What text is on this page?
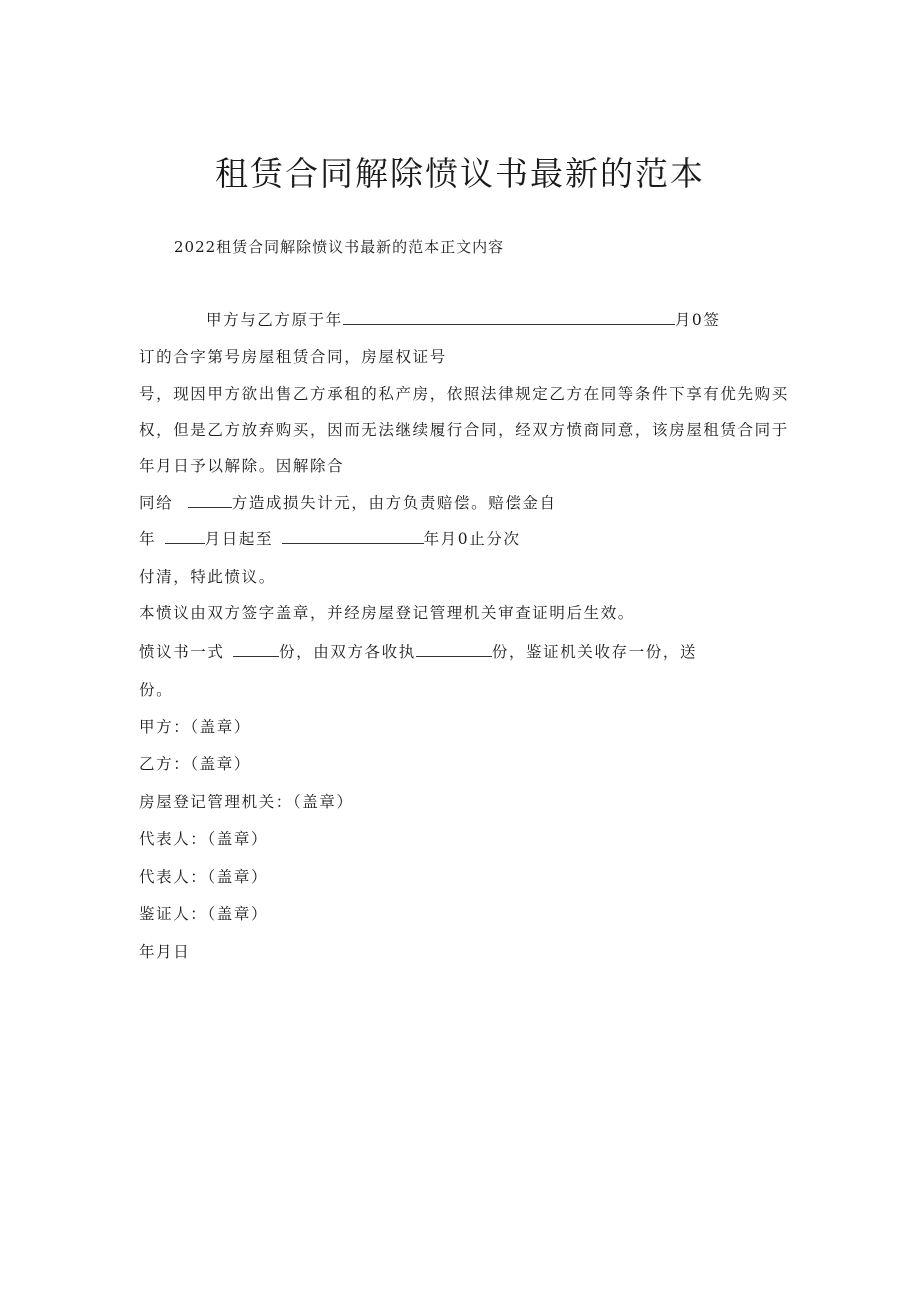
租赁合同解除愤议书最新的范本
2022租赁合同解除愤议书最新的范本正文内容
甲方与乙方原于年	月0签
订的合字第号房屋租赁合同，房屋权证号
号，现因甲方欲出售乙方承租的私产房，依照法律规定乙方在同等条件下享有优先购买
权，但是乙方放弃购买，因而无法继续履行合同，经双方愤商同意，该房屋租赁合同于
年月日予以解除。因解除合
同给	方造成损失计元，由方负责赔偿。赔偿金自
年	月日起至	年月0止分次
付清，特此愤议。
本愤议由双方签字盖章，并经房屋登记管理机关审查证明后生效。
愤议书一式	份，由双方各收执	份，鉴证机关收存一份，送
份。
甲方：（盖章）
乙方：（盖章）
房屋登记管理机关：（盖章）
代表人：（盖章）
代表人：（盖章）
鉴证人：（盖章）
年月日
